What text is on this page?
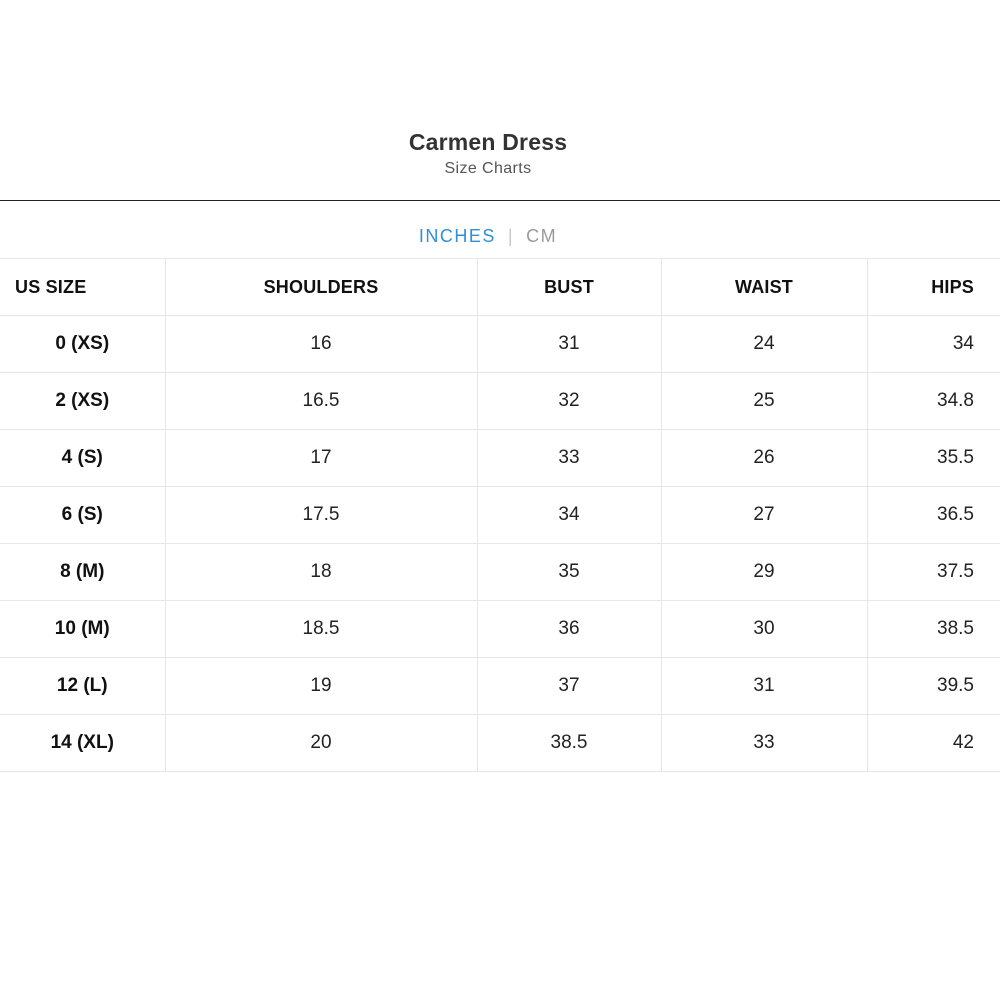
Carmen Dress
Size Charts
INCHES | CM
US SIZE	SHOULDERS	BUST	WAIST	HIPS
0 (XS)	16	31	24	34
2 (XS)	16.5	32	25	34.8
4 (S)	17	33	26	35.5
6 (S)	17.5	34	27	36.5
8 (M)	18	35	29	37.5
10 (M)	18.5	36	30	38.5
12 (L)	19	37	31	39.5
14 (XL)	20	38.5	33	42
